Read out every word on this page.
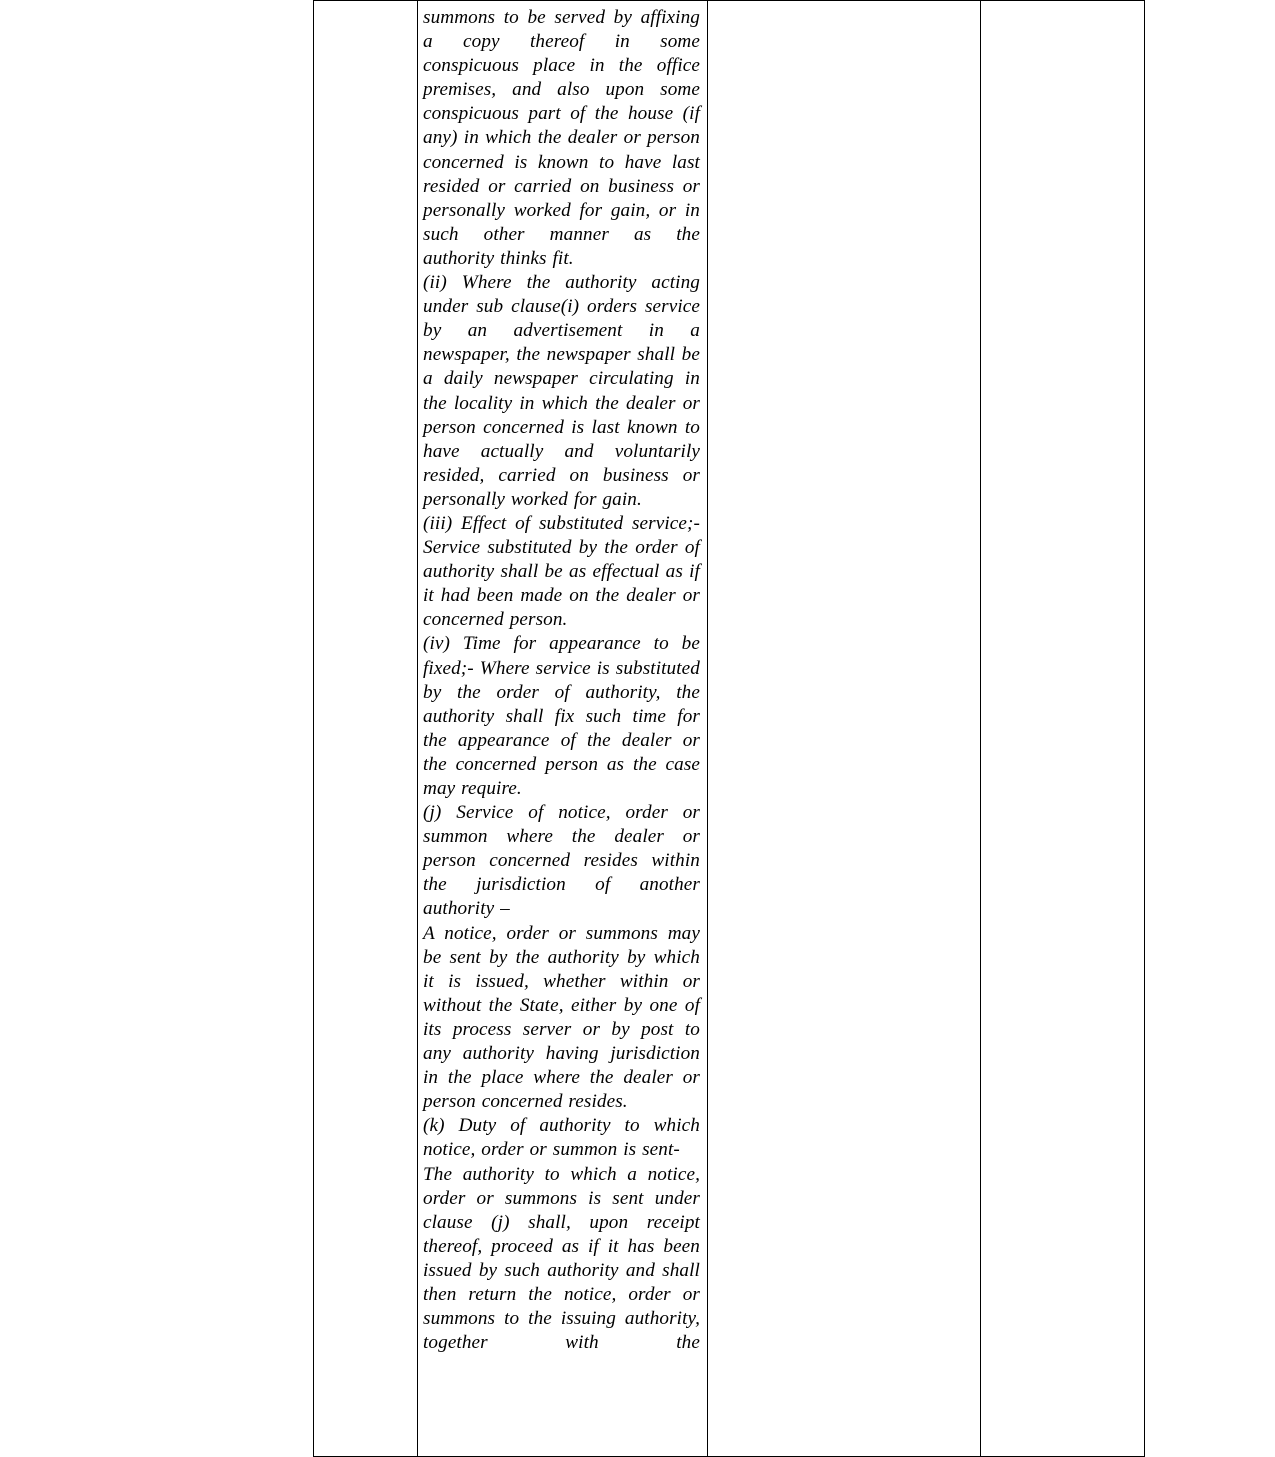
summons to be served by affixing a copy thereof in some conspicuous place in the office premises, and also upon some conspicuous part of the house (if any) in which the dealer or person concerned is known to have last resided or carried on business or personally worked for gain, or in such other manner as the authority thinks fit.

(ii) Where the authority acting under sub clause(i) orders service by an advertisement in a newspaper, the newspaper shall be a daily newspaper circulating in the locality in which the dealer or person concerned is last known to have actually and voluntarily resided, carried on business or personally worked for gain.

(iii) Effect of substituted service;- Service substituted by the order of authority shall be as effectual as if it had been made on the dealer or concerned person.

(iv) Time for appearance to be fixed;- Where service is substituted by the order of authority, the authority shall fix such time for the appearance of the dealer or the concerned person as the case may require.

(j) Service of notice, order or summon where the dealer or person concerned resides within the jurisdiction of another authority –

A notice, order or summons may be sent by the authority by which it is issued, whether within or without the State, either by one of its process server or by post to any authority having jurisdiction in the place where the dealer or person concerned resides.

(k) Duty of authority to which notice, order or summon is sent-

The authority to which a notice, order or summons is sent under clause (j) shall, upon receipt thereof, proceed as if it has been issued by such authority and shall then return the notice, order or summons to the issuing authority, together with the
